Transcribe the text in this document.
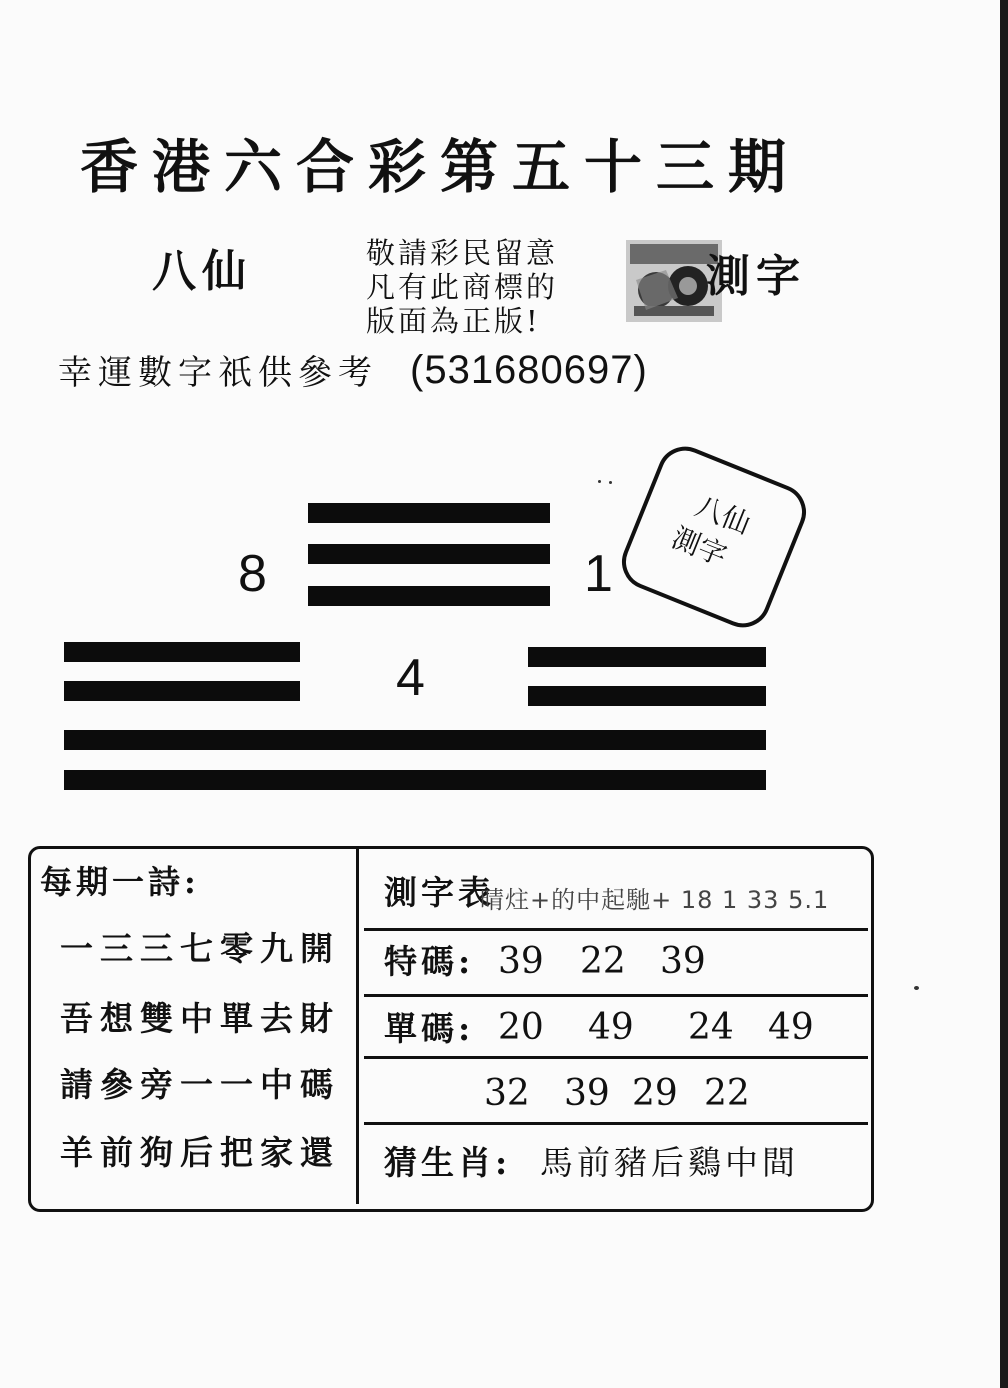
香港六合彩第五十三期
八仙	敬請彩民留意
凡有此商標的
版面為正版!
測字
幸運數字祇供參考 (531680697)
8	1
4
八仙
測字
每期一詩:
一三三七零九開
吾想雙中單去財
請參旁一一中碼
羊前狗后把家還
測字表
晴炷+的中起馳+ 18 1 33 5.1
特碼: 39 22 39
單碼: 20 49 24 49
32 39 29 22
猜生肖: 馬前豬后鷄中間
